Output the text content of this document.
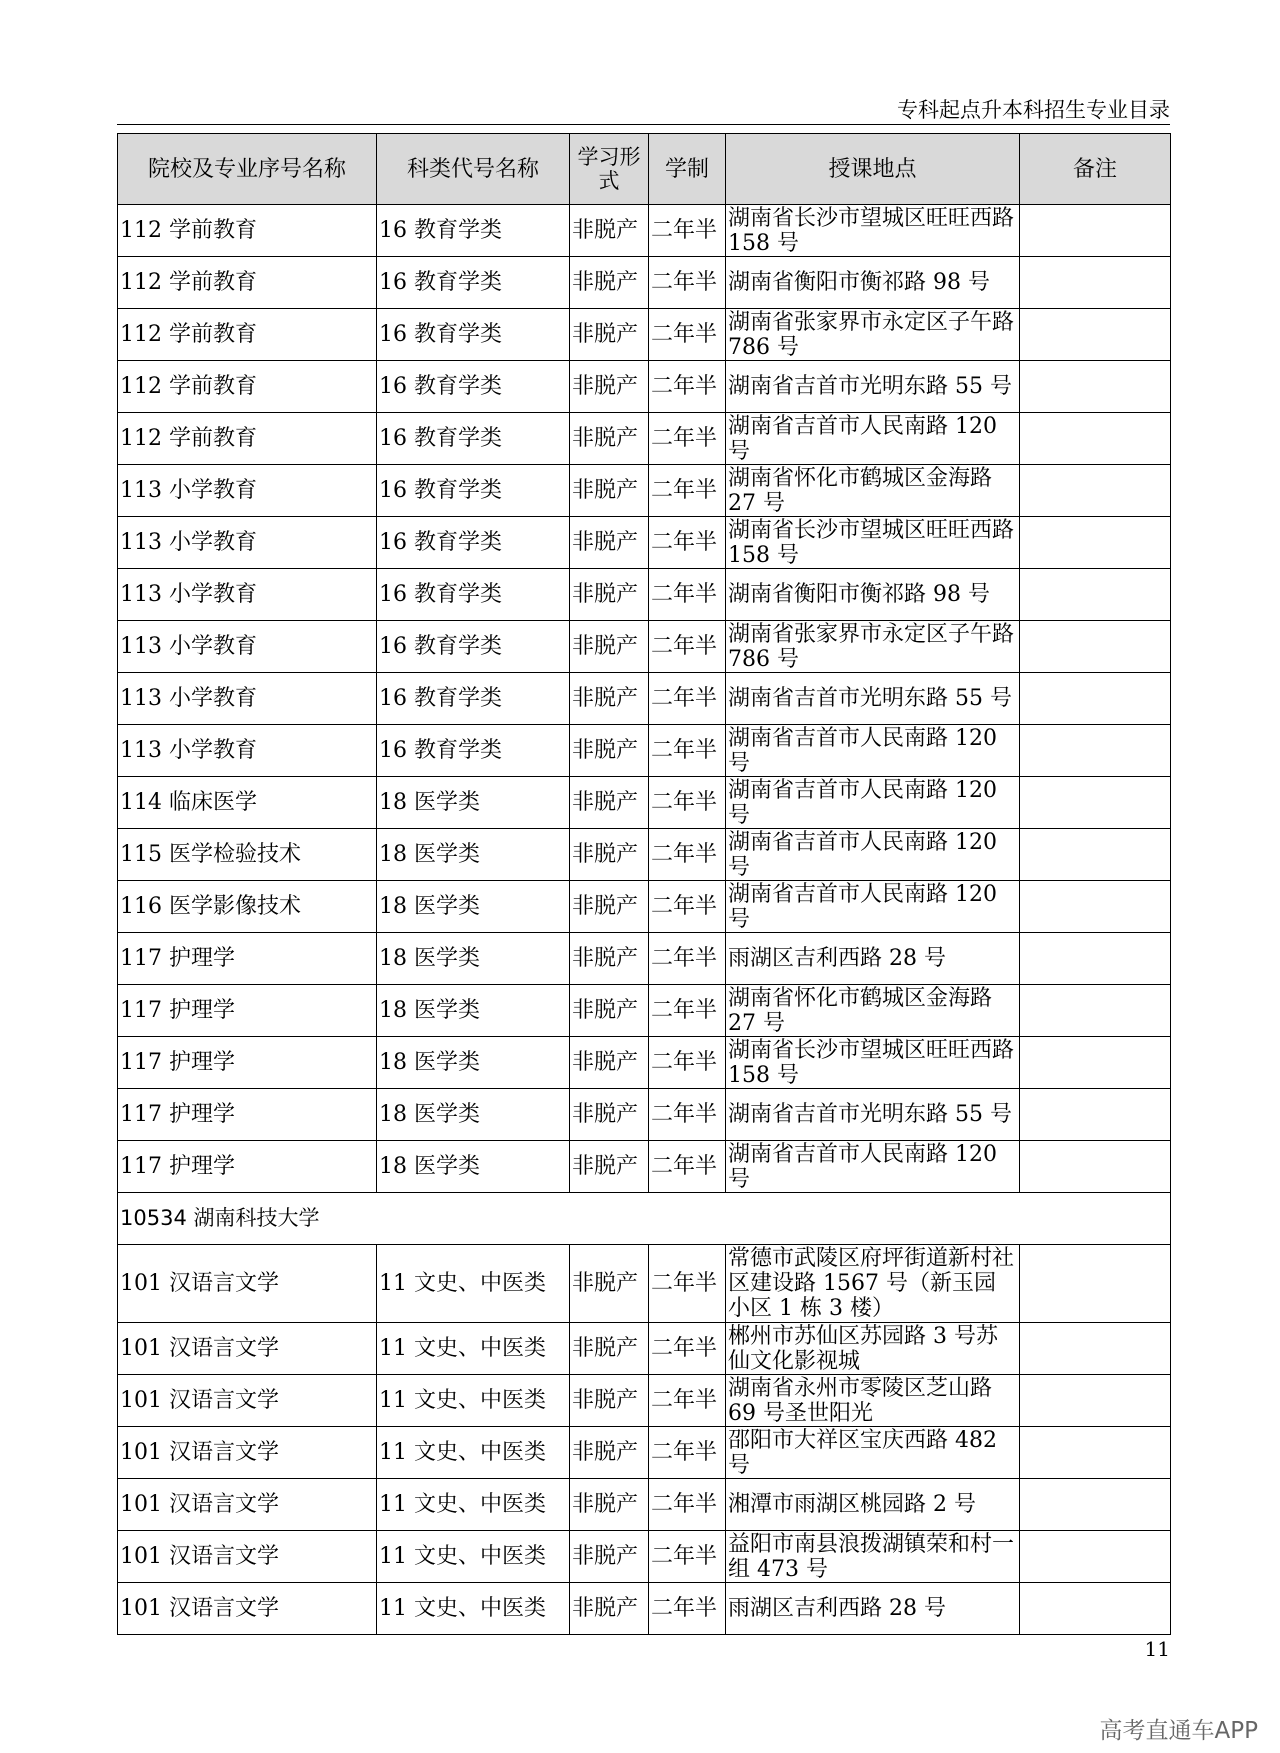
专科起点升本科招生专业目录
院校及专业序号名称	科类代号名称	学习形式	学制	授课地点	备注
112 学前教育	16 教育学类	非脱产	二年半	湖南省长沙市望城区旺旺西路 158 号	
112 学前教育	16 教育学类	非脱产	二年半	湖南省衡阳市衡祁路 98 号	
112 学前教育	16 教育学类	非脱产	二年半	湖南省张家界市永定区子午路 786 号	
112 学前教育	16 教育学类	非脱产	二年半	湖南省吉首市光明东路 55 号	
112 学前教育	16 教育学类	非脱产	二年半	湖南省吉首市人民南路 120 号	
113 小学教育	16 教育学类	非脱产	二年半	湖南省怀化市鹤城区金海路 27 号	
113 小学教育	16 教育学类	非脱产	二年半	湖南省长沙市望城区旺旺西路 158 号	
113 小学教育	16 教育学类	非脱产	二年半	湖南省衡阳市衡祁路 98 号	
113 小学教育	16 教育学类	非脱产	二年半	湖南省张家界市永定区子午路 786 号	
113 小学教育	16 教育学类	非脱产	二年半	湖南省吉首市光明东路 55 号	
113 小学教育	16 教育学类	非脱产	二年半	湖南省吉首市人民南路 120 号	
114 临床医学	18 医学类	非脱产	二年半	湖南省吉首市人民南路 120 号	
115 医学检验技术	18 医学类	非脱产	二年半	湖南省吉首市人民南路 120 号	
116 医学影像技术	18 医学类	非脱产	二年半	湖南省吉首市人民南路 120 号	
117 护理学	18 医学类	非脱产	二年半	雨湖区吉利西路 28 号	
117 护理学	18 医学类	非脱产	二年半	湖南省怀化市鹤城区金海路 27 号	
117 护理学	18 医学类	非脱产	二年半	湖南省长沙市望城区旺旺西路 158 号	
117 护理学	18 医学类	非脱产	二年半	湖南省吉首市光明东路 55 号	
117 护理学	18 医学类	非脱产	二年半	湖南省吉首市人民南路 120 号	
10534 湖南科技大学					
101 汉语言文学	11 文史、中医类	非脱产	二年半	常德市武陵区府坪街道新村社区建设路 1567 号（新玉园小区 1 栋 3 楼）	
101 汉语言文学	11 文史、中医类	非脱产	二年半	郴州市苏仙区苏园路 3 号苏仙文化影视城	
101 汉语言文学	11 文史、中医类	非脱产	二年半	湖南省永州市零陵区芝山路 69 号圣世阳光	
101 汉语言文学	11 文史、中医类	非脱产	二年半	邵阳市大祥区宝庆西路 482 号	
101 汉语言文学	11 文史、中医类	非脱产	二年半	湘潭市雨湖区桃园路 2 号	
101 汉语言文学	11 文史、中医类	非脱产	二年半	益阳市南县浪拨湖镇荣和村一组 473 号	
101 汉语言文学	11 文史、中医类	非脱产	二年半	雨湖区吉利西路 28 号	
11
高考直通车APP
